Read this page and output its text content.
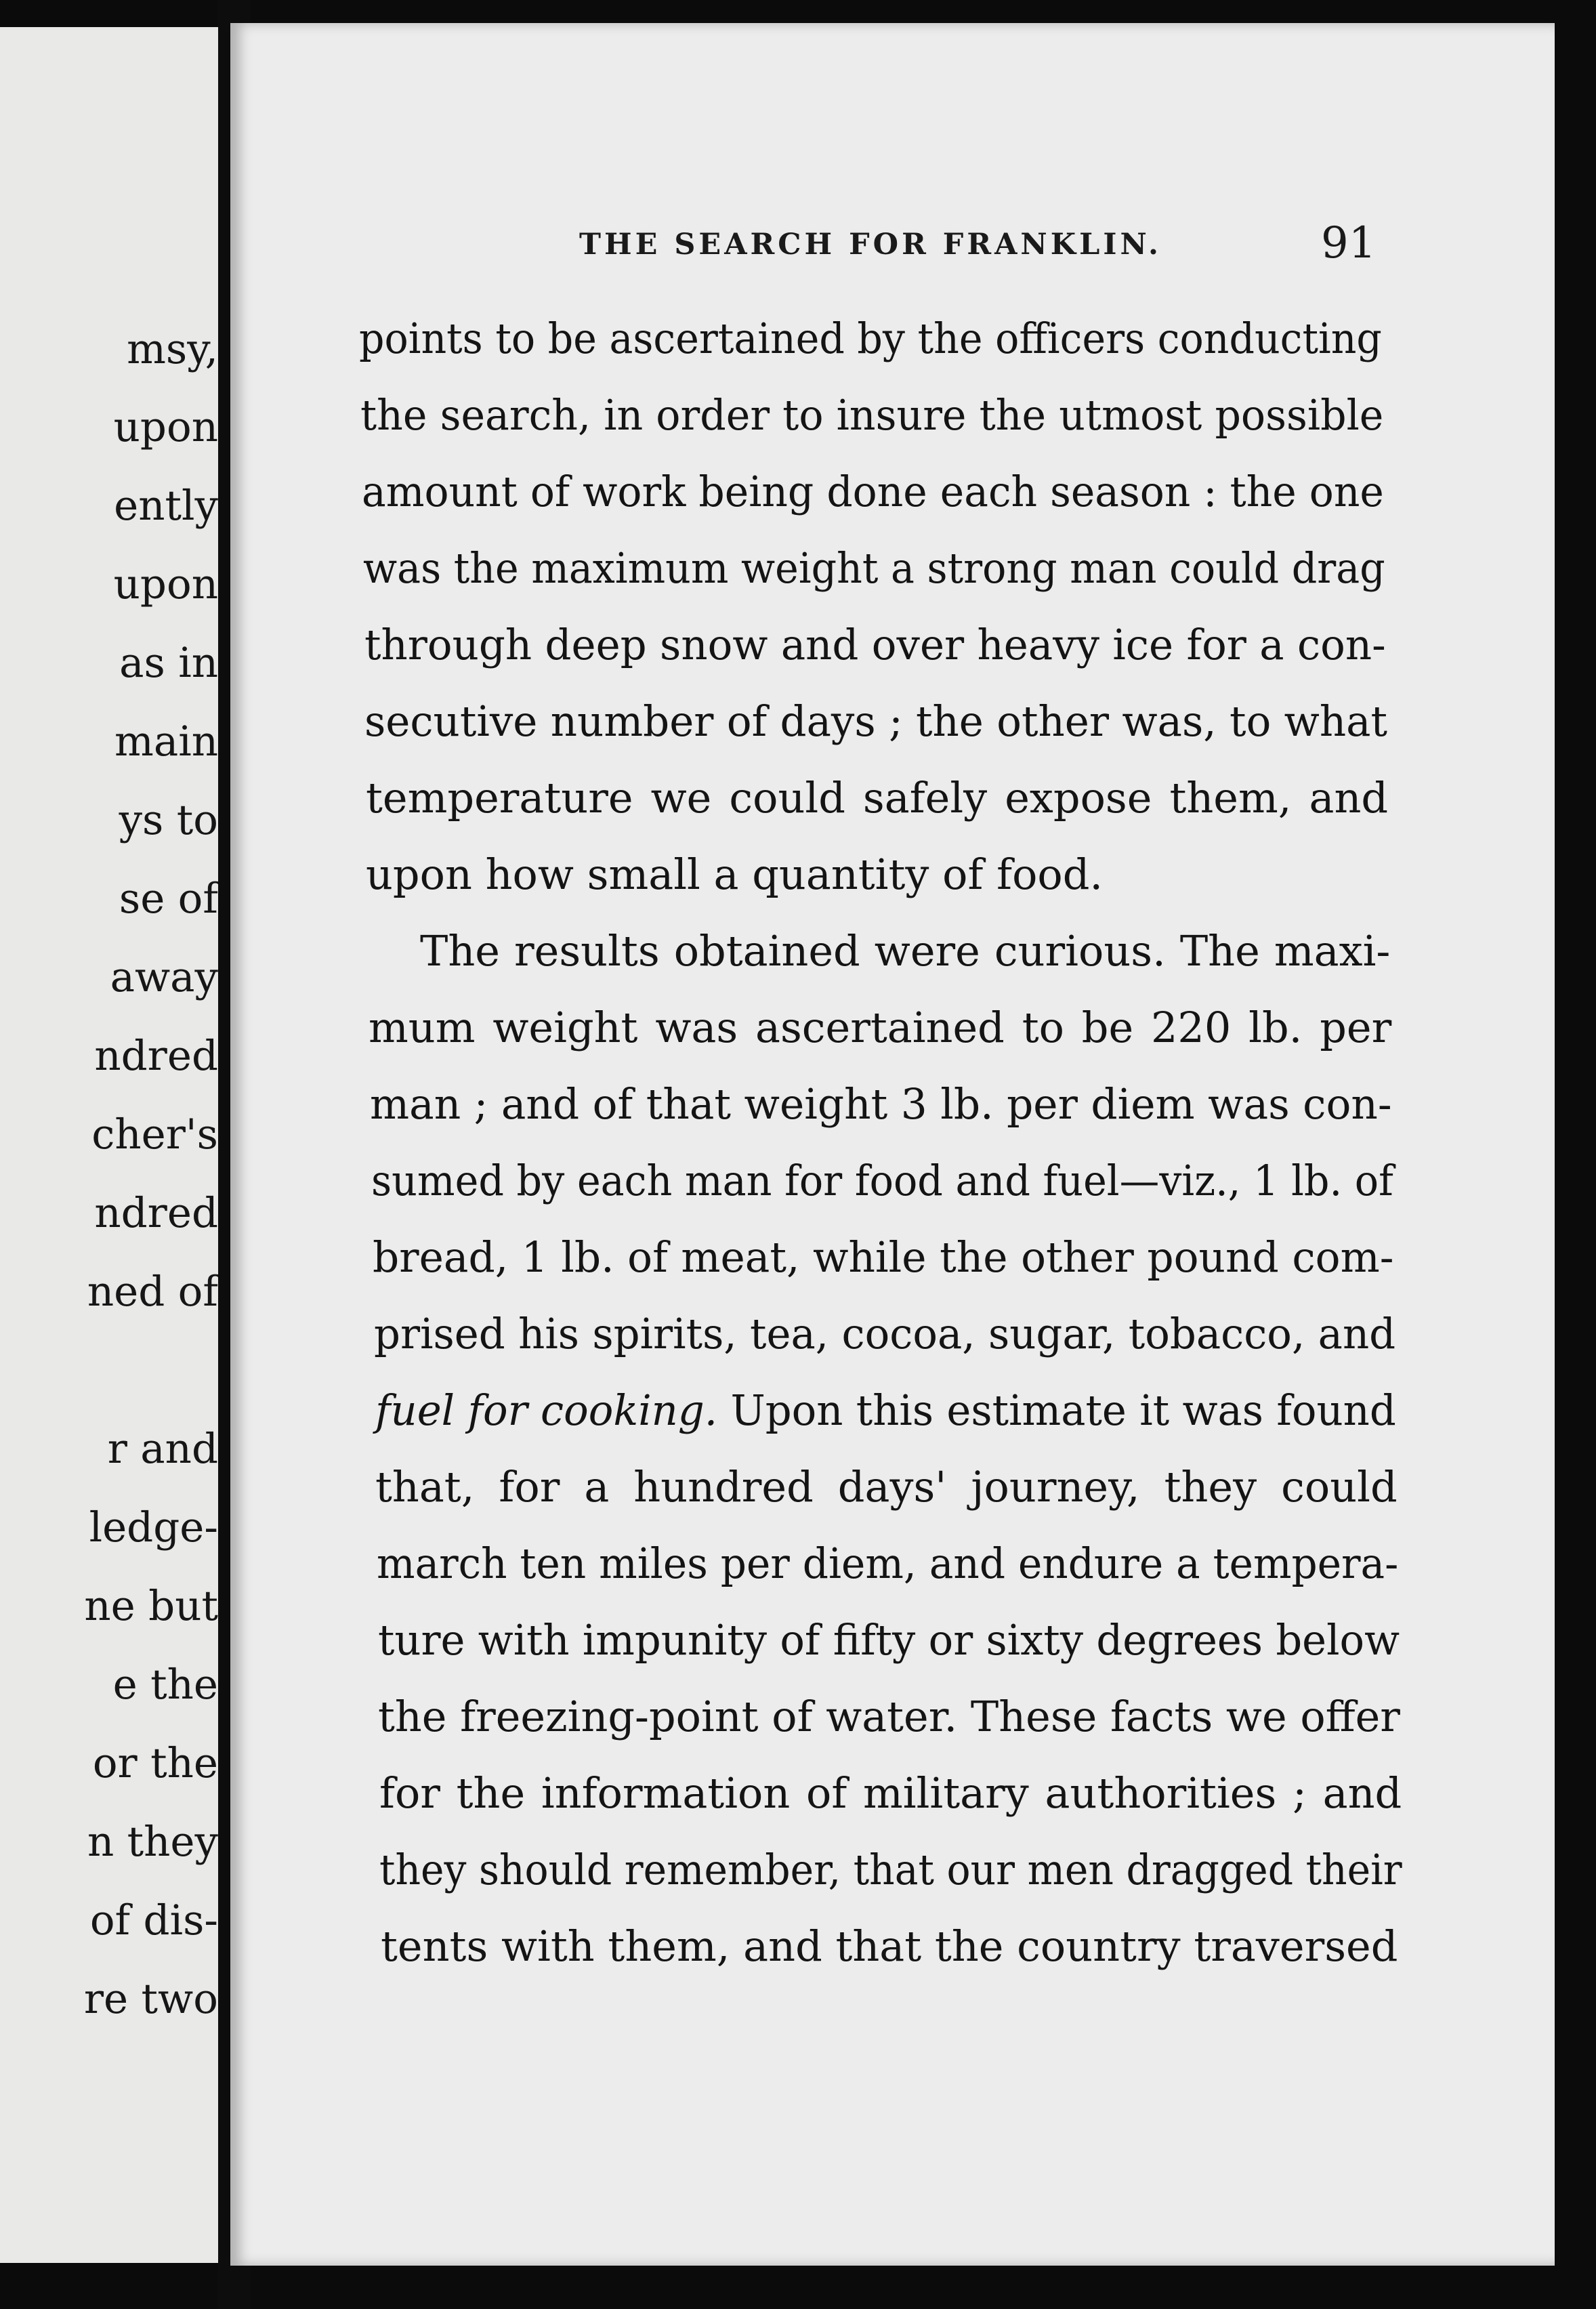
msy,
upon
ently
upon
as in
main
ys to
se of
away
ndred
cher's
ndred
ned of
r and
ledge-
ne but
e the
or the
n they
of dis-
re two
THE SEARCH FOR FRANKLIN.	91
points to be ascertained by the officers conducting
the search, in order to insure the utmost possible
amount of work being done each season : the one
was the maximum weight a strong man could drag
through deep snow and over heavy ice for a con-
secutive number of days ; the other was, to what
temperature we could safely expose them, and
upon how small a quantity of food.
The results obtained were curious. The maxi-
mum weight was ascertained to be 220 lb. per
man ; and of that weight 3 lb. per diem was con-
sumed by each man for food and fuel—viz., 1 lb. of
bread, 1 lb. of meat, while the other pound com-
prised his spirits, tea, cocoa, sugar, tobacco, and
fuel for cooking. Upon this estimate it was found
that, for a hundred days' journey, they could
march ten miles per diem, and endure a tempera-
ture with impunity of fifty or sixty degrees below
the freezing-point of water. These facts we offer
for the information of military authorities ; and
they should remember, that our men dragged their
tents with them, and that the country traversed
